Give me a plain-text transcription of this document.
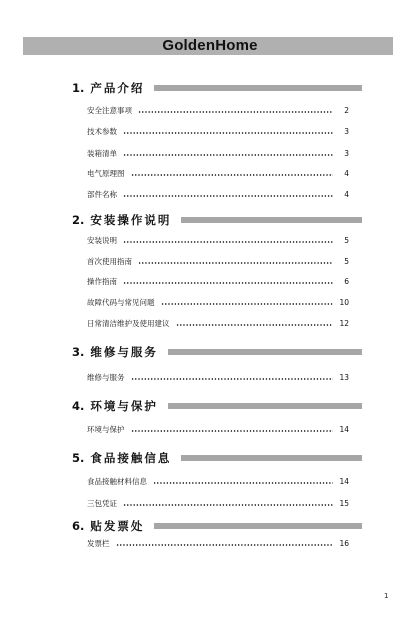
GoldenHome
1. 产品介绍
安全注意事项	2
技术参数	3
装箱清单	3
电气原理图	4
部件名称	4
2. 安装操作说明
安装说明	5
首次使用指南	5
操作指南	6
故障代码与常见问题	10
日常清洁维护及使用建议	12
3. 维修与服务
维修与服务	13
4. 环境与保护
环境与保护	14
5. 食品接触信息
食品接触材料信息	14
三包凭证	15
6. 贴发票处
发票栏	16
1
